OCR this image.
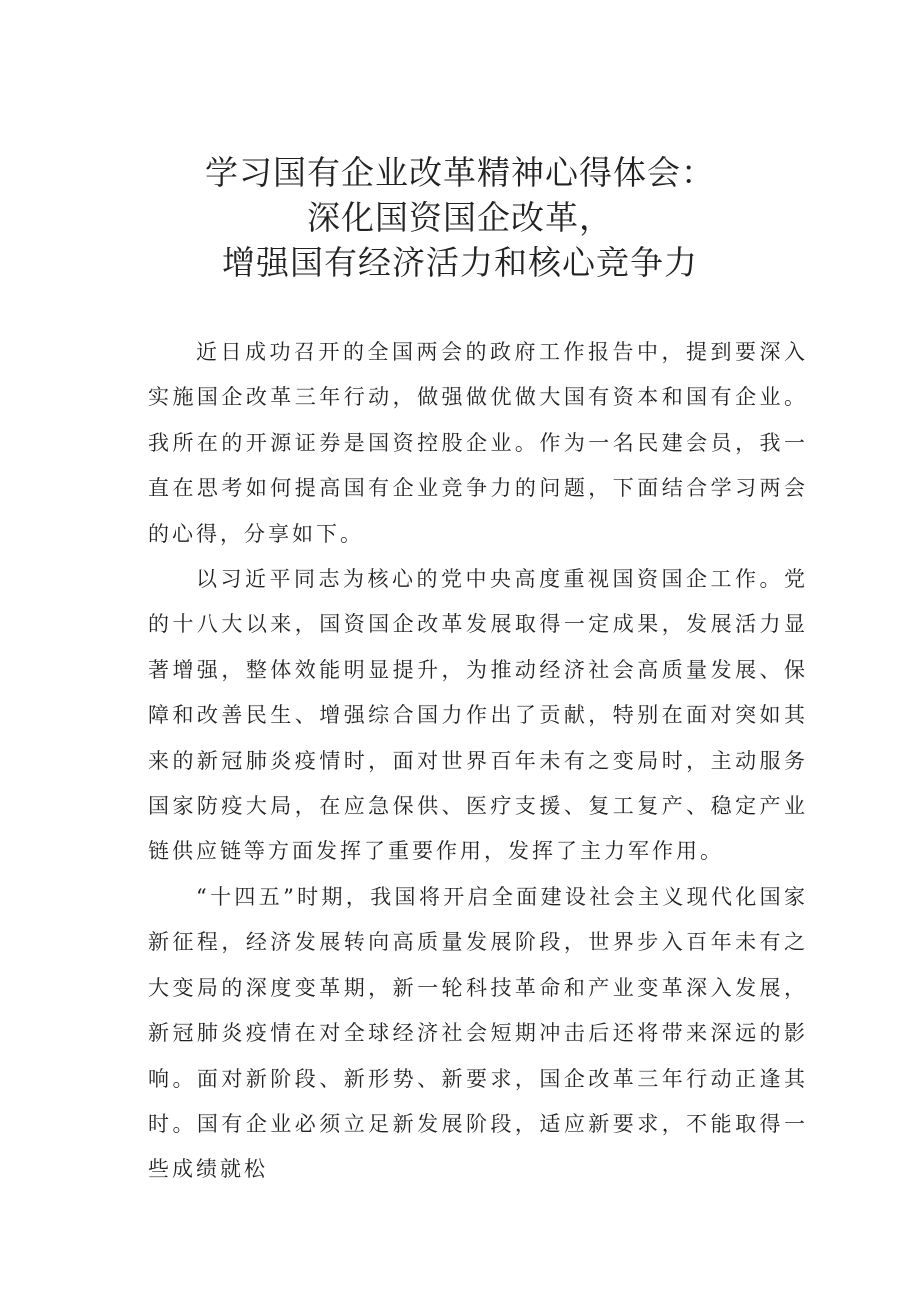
学习国有企业改革精神心得体会：
深化国资国企改革，
增强国有经济活力和核心竞争力

近日成功召开的全国两会的政府工作报告中，提到要深入实施国企改革三年行动，做强做优做大国有资本和国有企业。我所在的开源证券是国资控股企业。作为一名民建会员，我一直在思考如何提高国有企业竞争力的问题，下面结合学习两会的心得，分享如下。

以习近平同志为核心的党中央高度重视国资国企工作。党的十八大以来，国资国企改革发展取得一定成果，发展活力显著增强，整体效能明显提升，为推动经济社会高质量发展、保障和改善民生、增强综合国力作出了贡献，特别在面对突如其来的新冠肺炎疫情时，面对世界百年未有之变局时，主动服务国家防疫大局，在应急保供、医疗支援、复工复产、稳定产业链供应链等方面发挥了重要作用，发挥了主力军作用。

“十四五”时期，我国将开启全面建设社会主义现代化国家新征程，经济发展转向高质量发展阶段，世界步入百年未有之大变局的深度变革期，新一轮科技革命和产业变革深入发展，新冠肺炎疫情在对全球经济社会短期冲击后还将带来深远的影响。面对新阶段、新形势、新要求，国企改革三年行动正逢其时。国有企业必须立足新发展阶段，适应新要求，不能取得一些成绩就松
